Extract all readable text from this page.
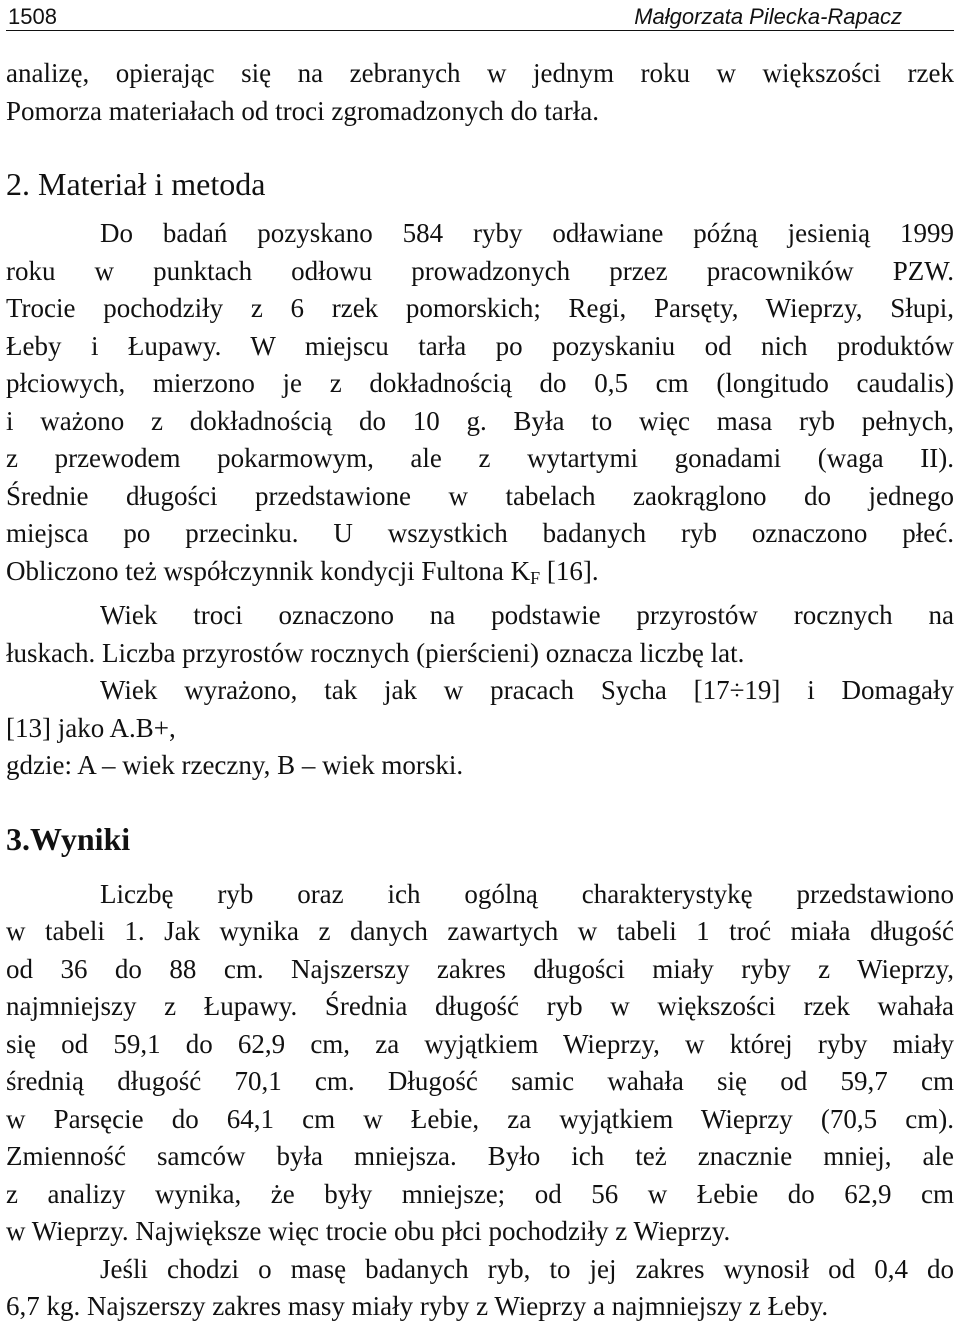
1508	Małgorzata Pilecka-Rapacz
analizę, opierając się na zebranych w jednym roku w większości rzek
Pomorza materiałach od troci zgromadzonych do tarła.
2. Materiał i metoda
Do badań pozyskano 584 ryby odławiane późną jesienią 1999
roku w punktach odłowu prowadzonych przez pracowników PZW.
Trocie pochodziły z 6 rzek pomorskich; Regi, Parsęty, Wieprzy, Słupi,
Łeby i Łupawy. W miejscu tarła po pozyskaniu od nich produktów
płciowych, mierzono je z dokładnością do 0,5 cm (longitudo caudalis)
i ważono z dokładnością do 10 g. Była to więc masa ryb pełnych,
z przewodem pokarmowym, ale z wytartymi gonadami (waga II).
Średnie długości przedstawione w tabelach zaokrąglono do jednego
miejsca po przecinku. U wszystkich badanych ryb oznaczono płeć.
Obliczono też współczynnik kondycji Fultona $K_F$ [16].
Wiek troci oznaczono na podstawie przyrostów rocznych na
łuskach. Liczba przyrostów rocznych (pierścieni) oznacza liczbę lat.
Wiek wyrażono, tak jak w pracach Sycha [17÷19] i Domagały
[13] jako A.B+,
gdzie: A – wiek rzeczny, B – wiek morski.
3.Wyniki
Liczbę ryb oraz ich ogólną charakterystykę przedstawiono
w tabeli 1. Jak wynika z danych zawartych w tabeli 1 troć miała długość
od 36 do 88 cm. Najszerszy zakres długości miały ryby z Wieprzy,
najmniejszy z Łupawy. Średnia długość ryb w większości rzek wahała
się od 59,1 do 62,9 cm, za wyjątkiem Wieprzy, w której ryby miały
średnią długość 70,1 cm. Długość samic wahała się od 59,7 cm
w Parsęcie do 64,1 cm w Łebie, za wyjątkiem Wieprzy (70,5 cm).
Zmienność samców była mniejsza. Było ich też znacznie mniej, ale
z analizy wynika, że były mniejsze; od 56 w Łebie do 62,9 cm
w Wieprzy. Największe więc trocie obu płci pochodziły z Wieprzy.
Jeśli chodzi o masę badanych ryb, to jej zakres wynosił od 0,4 do
6,7 kg. Najszerszy zakres masy miały ryby z Wieprzy a najmniejszy z Łeby.
